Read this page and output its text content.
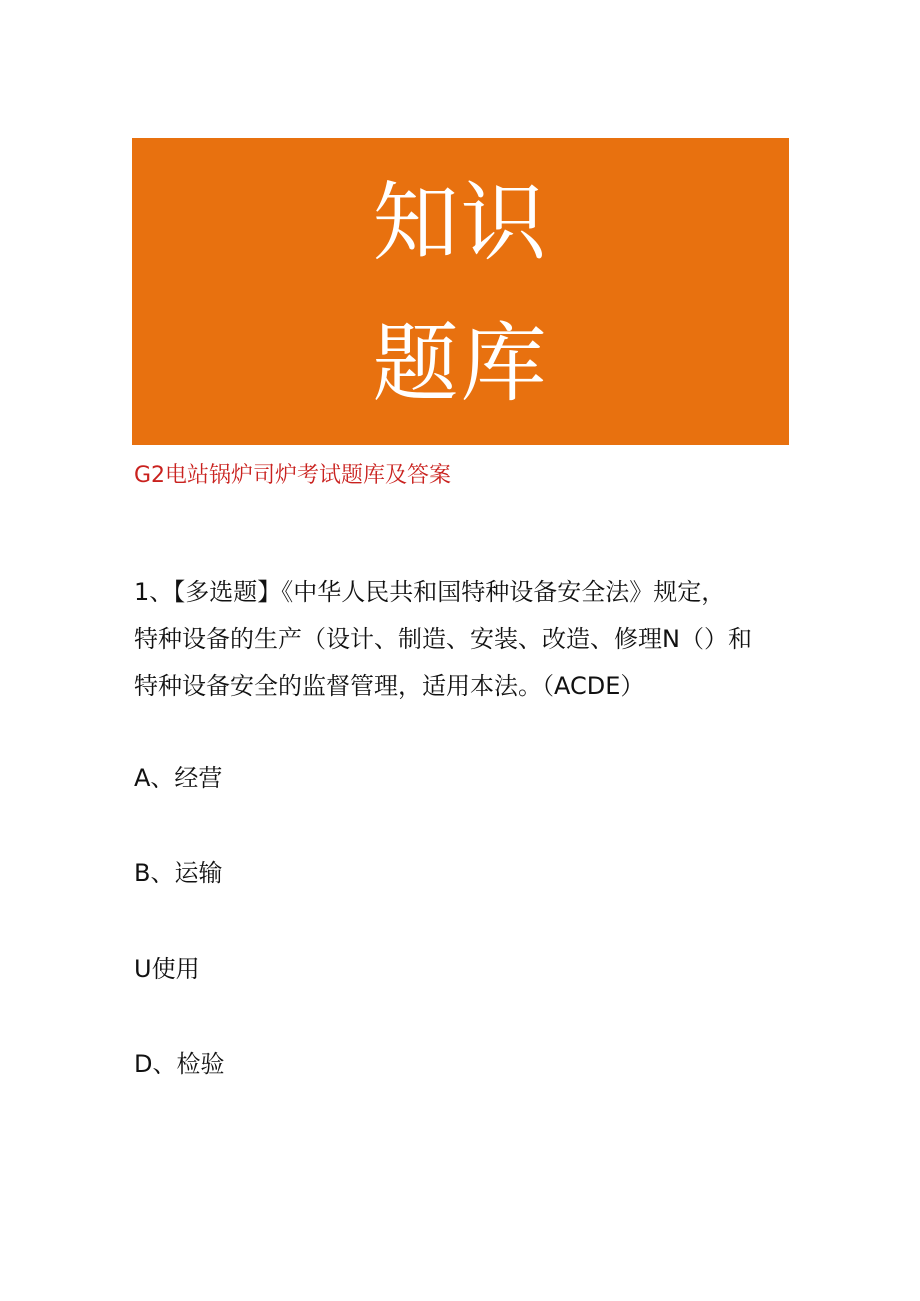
知识
题库
G2电站锅炉司炉考试题库及答案
1、【多选题】《中华人民共和国特种设备安全法》规定，
特种设备的生产（设计、制造、安装、改造、修理N（）和
特种设备安全的监督管理，适用本法。（ACDE）
A、经营
B、运输
U使用
D、检验
